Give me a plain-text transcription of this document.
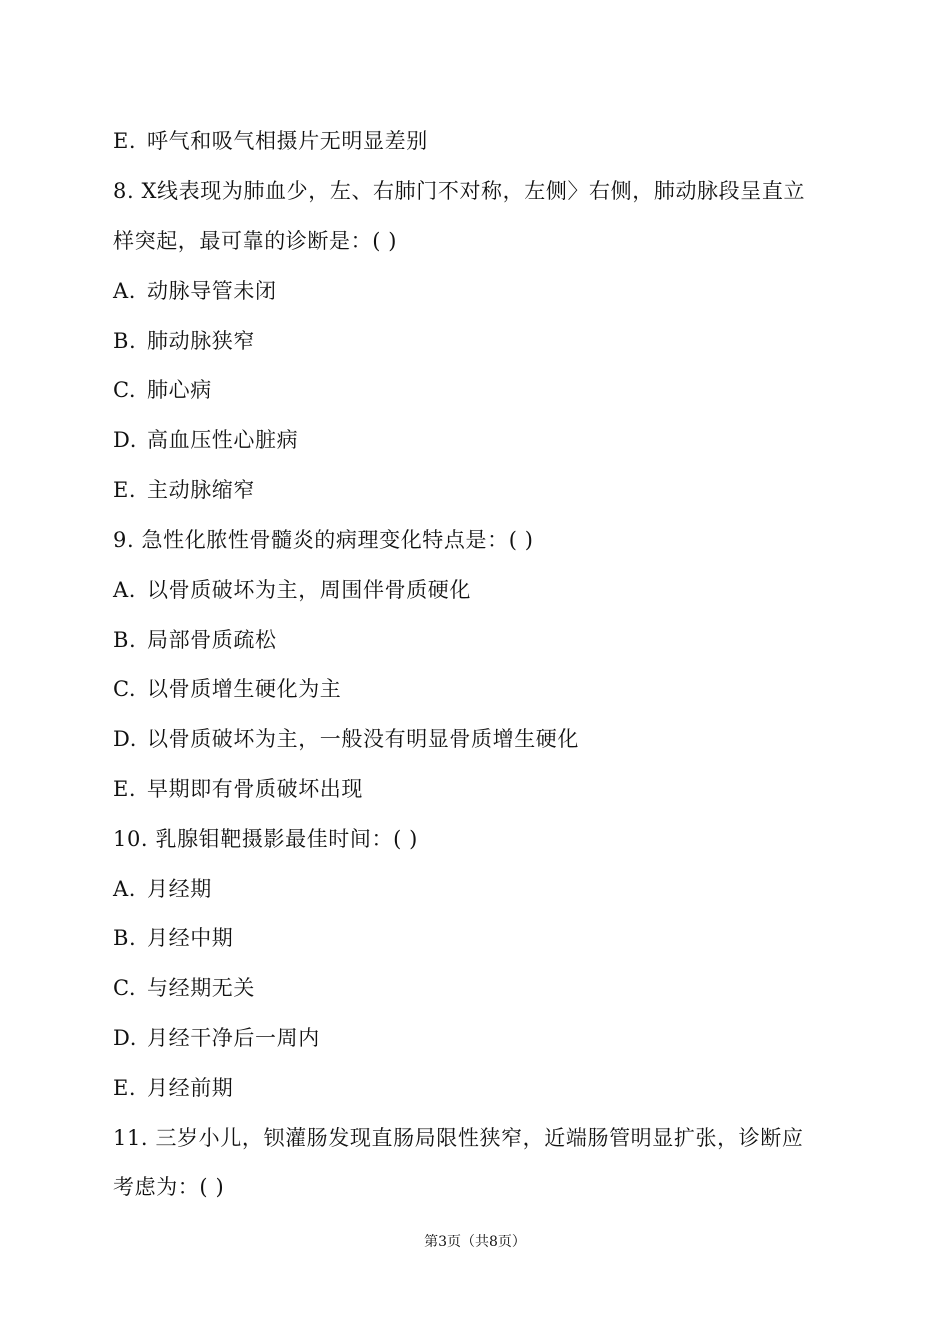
E. 呼气和吸气相摄片无明显差别
8. X线表现为肺血少，左、右肺门不对称，左侧〉右侧，肺动脉段呈直立
样突起，最可靠的诊断是：( )
A. 动脉导管未闭
B. 肺动脉狭窄
C. 肺心病
D. 高血压性心脏病
E. 主动脉缩窄
9. 急性化脓性骨髓炎的病理变化特点是：( )
A. 以骨质破坏为主，周围伴骨质硬化
B. 局部骨质疏松
C. 以骨质增生硬化为主
D. 以骨质破坏为主，一般没有明显骨质增生硬化
E. 早期即有骨质破坏出现
10. 乳腺钼靶摄影最佳时间：( )
A. 月经期
B. 月经中期
C. 与经期无关
D. 月经干净后一周内
E. 月经前期
11. 三岁小儿，钡灌肠发现直肠局限性狭窄，近端肠管明显扩张，诊断应
考虑为：( )
第3页（共8页）
